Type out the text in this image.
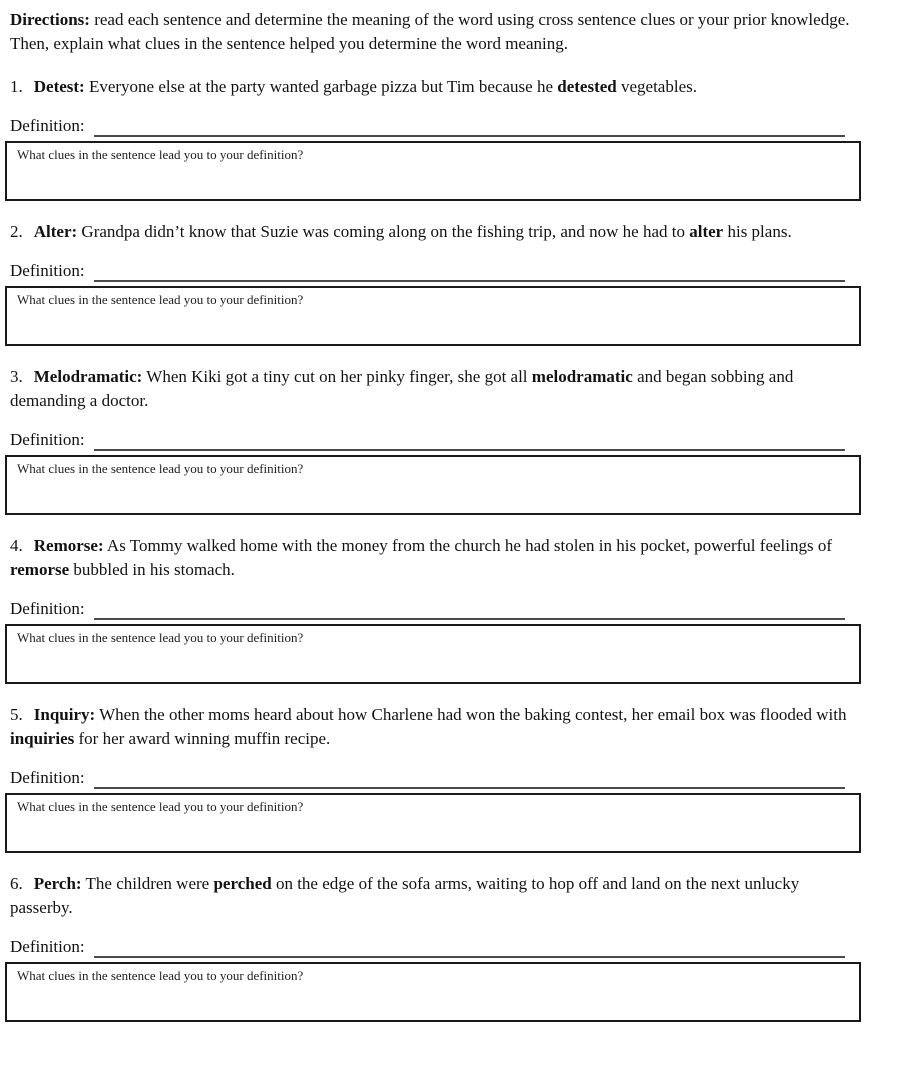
Directions: read each sentence and determine the meaning of the word using cross sentence clues or your prior knowledge.  Then, explain what clues in the sentence helped you determine the word meaning.

1. Detest: Everyone else at the party wanted garbage pizza but Tim because he detested vegetables.

Definition:
What clues in the sentence lead you to your definition?

2. Alter: Grandpa didn’t know that Suzie was coming along on the fishing trip, and now he had to alter his plans.

Definition:
What clues in the sentence lead you to your definition?

3. Melodramatic: When Kiki got a tiny cut on her pinky finger, she got all melodramatic and began sobbing and demanding a doctor.

Definition:
What clues in the sentence lead you to your definition?

4. Remorse: As Tommy walked home with the money from the church he had stolen in his pocket, powerful feelings of remorse bubbled in his stomach.

Definition:
What clues in the sentence lead you to your definition?

5. Inquiry: When the other moms heard about how Charlene had won the baking contest, her email box was flooded with inquiries for her award winning muffin recipe.

Definition:
What clues in the sentence lead you to your definition?

6. Perch: The children were perched on the edge of the sofa arms, waiting to hop off and land on the next unlucky passerby.

Definition:
What clues in the sentence lead you to your definition?
